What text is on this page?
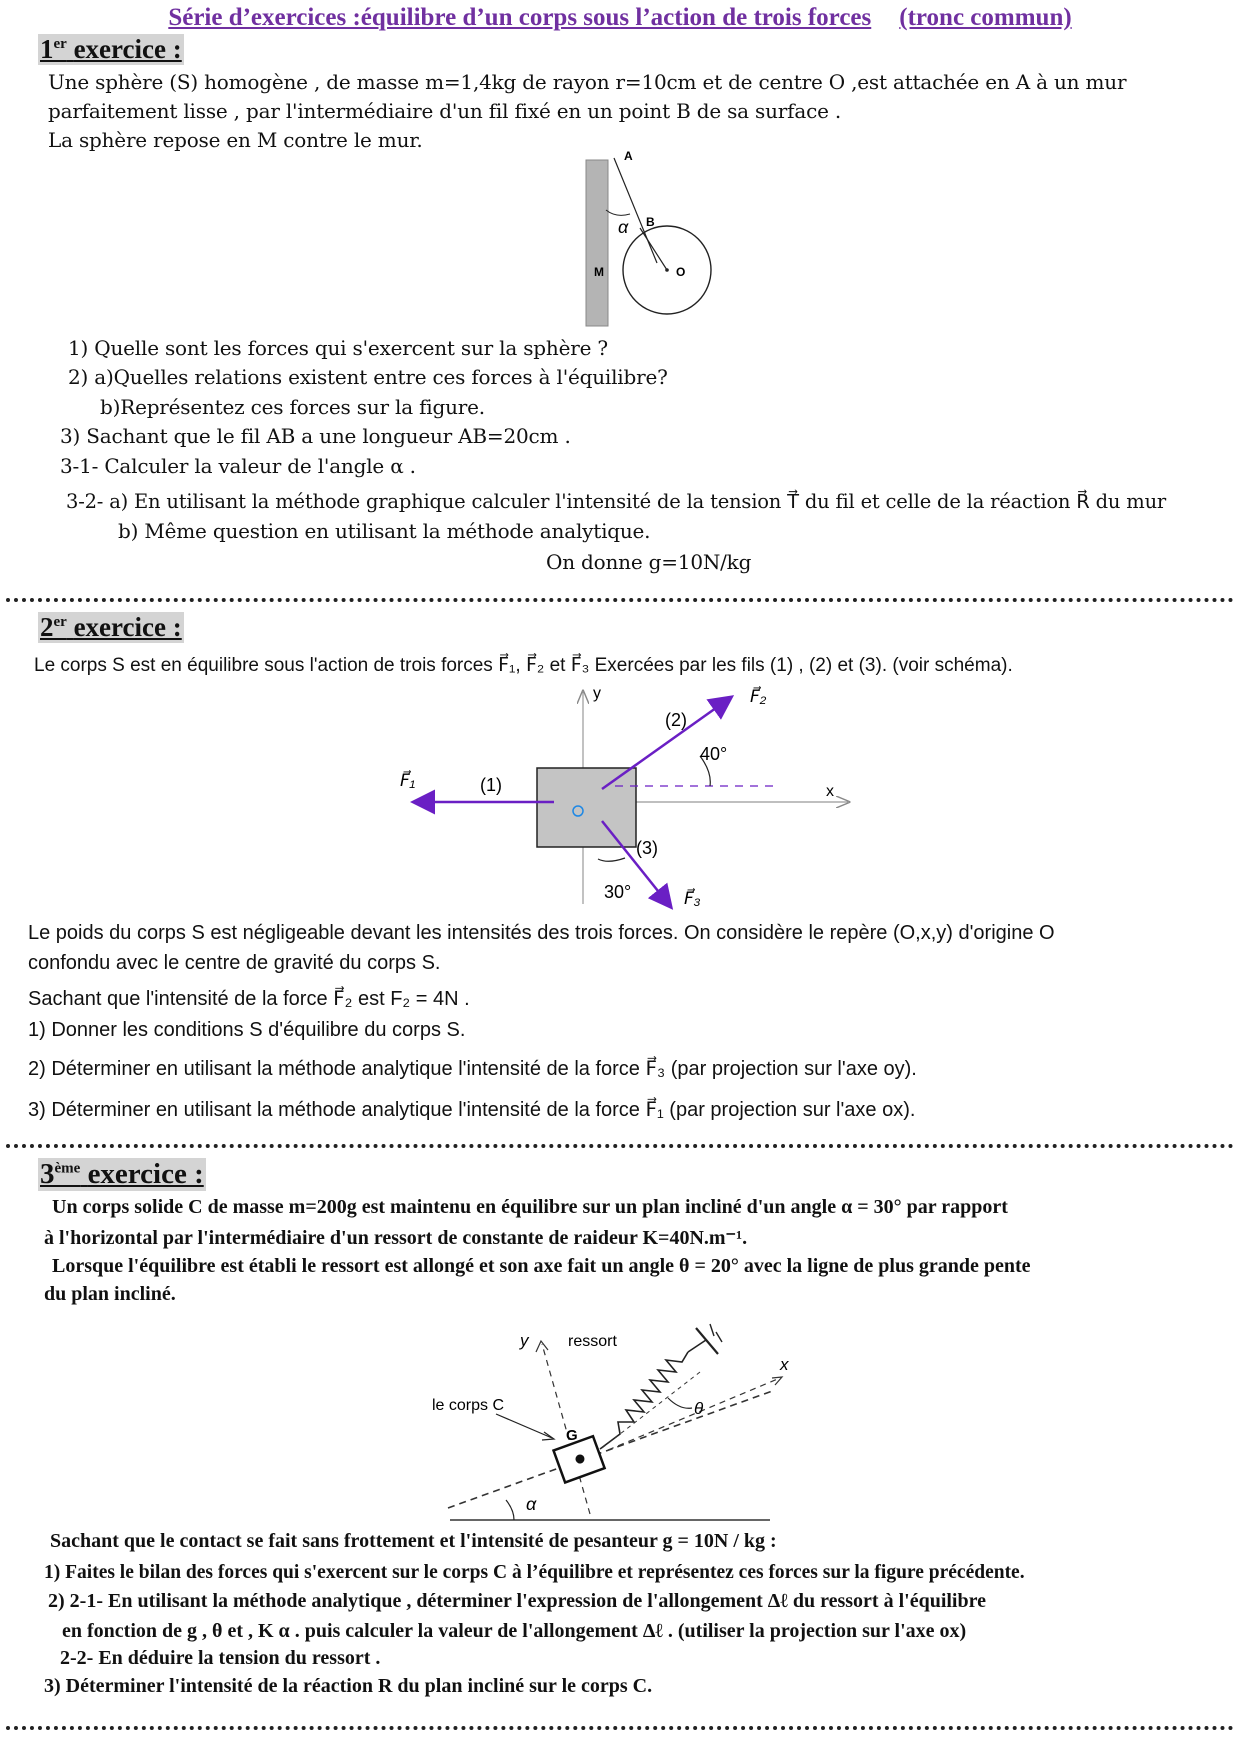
Série d’exercices :équilibre d’un corps sous l’action de trois forces (tronc commun)
1er exercice :
Une sphère (S) homogène , de masse m=1,4kg de rayon r=10cm et de centre O ,est attachée en A à un mur
parfaitement lisse , par l'intermédiaire d'un fil fixé en un point B de sa surface .
La sphère repose en M contre le mur.
A
B
α
M	O
1) Quelle sont les forces qui s'exercent sur la sphère ?
2) a)Quelles relations existent entre ces forces à l'équilibre?
b)Représentez ces forces sur la figure.
3) Sachant que le fil AB a une longueur AB=20cm .
3-1- Calculer la valeur de l'angle α .
3-2- a) En utilisant la méthode graphique calculer l'intensité de la tension T⃗ du fil et celle de la réaction R⃗ du mur
b) Même question en utilisant la méthode analytique.
On donne g=10N/kg
2er exercice :
Le corps S est en équilibre sous l'action de trois forces F⃗₁, F⃗₂ et F⃗₃ Exercées par les fils (1) , (2) et (3). (voir schéma).
y
x
F⃗₁
F⃗₂
F⃗₃
(1)
(2)
(3)
40°
30°
Le poids du corps S est négligeable devant les intensités des trois forces. On considère le repère (O,x,y) d'origine O
confondu avec le centre de gravité du corps S.
Sachant que l'intensité de la force F⃗₂ est F₂ = 4N .
1) Donner les conditions S d'équilibre du corps S.
2) Déterminer en utilisant la méthode analytique l'intensité de la force F⃗₃ (par projection sur l'axe oy).
3) Déterminer en utilisant la méthode analytique l'intensité de la force F⃗₁ (par projection sur l'axe ox).
3ème exercice :
Un corps solide C de masse m=200g est maintenu en équilibre sur un plan incliné d'un angle α = 30° par rapport
à l'horizontal par l'intermédiaire d'un ressort de constante de raideur K=40N.m⁻¹.
Lorsque l'équilibre est établi le ressort est allongé et son axe fait un angle θ = 20° avec la ligne de plus grande pente
du plan incliné.
y ressort
x
le corps C
G
α
θ
Sachant que le contact se fait sans frottement et l'intensité de pesanteur g = 10N / kg :
1) Faites le bilan des forces qui s'exercent sur le corps C à l’équilibre et représentez ces forces sur la figure précédente.
2) 2-1- En utilisant la méthode analytique , déterminer l'expression de l'allongement Δℓ du ressort à l'équilibre
en fonction de g , θ et , K α . puis calculer la valeur de l'allongement Δℓ . (utiliser la projection sur l'axe ox)
2-2- En déduire la tension du ressort .
3) Déterminer l'intensité de la réaction R du plan incliné sur le corps C.
